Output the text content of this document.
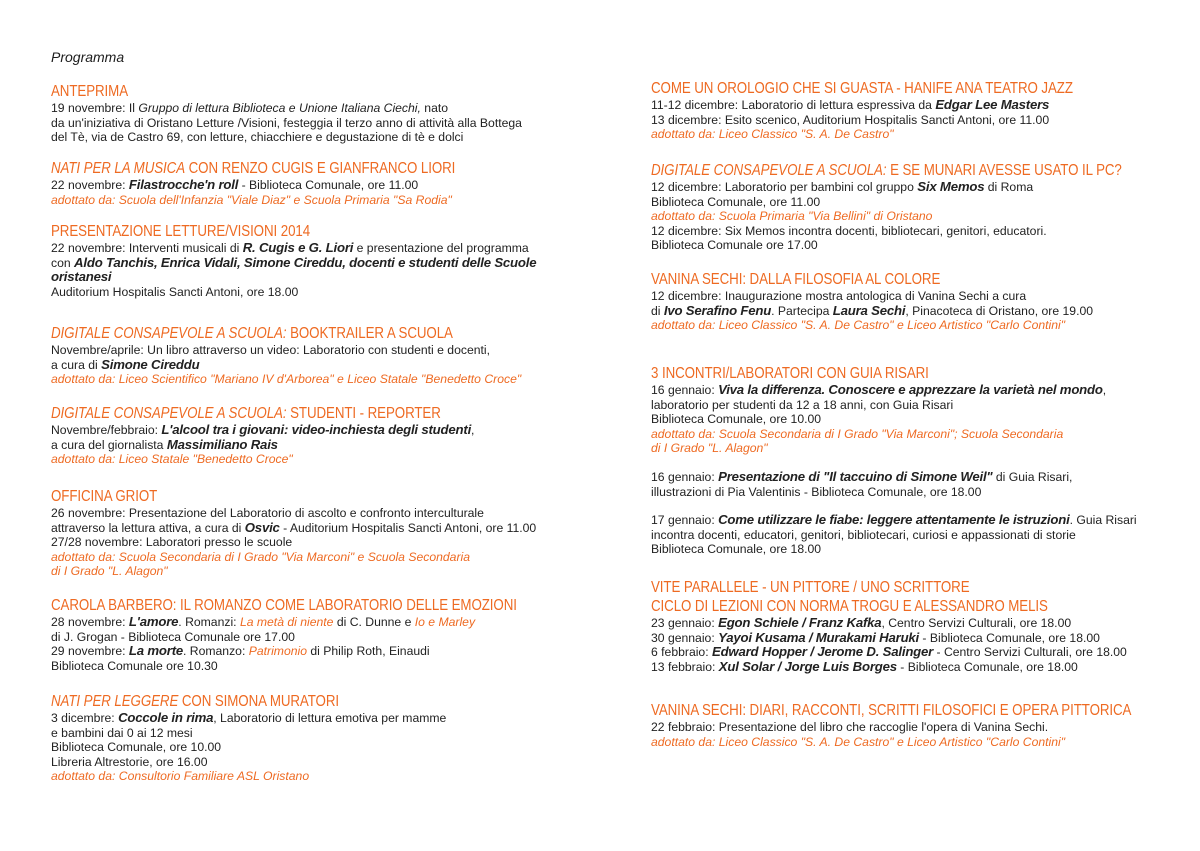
Programma
ANTEPRIMA
19 novembre: Il Gruppo di lettura Biblioteca e Unione Italiana Ciechi, nato
da un'iniziativa di Oristano Letture /Visioni, festeggia il terzo anno di attività alla Bottega
del Tè, via de Castro 69, con letture, chiacchiere e degustazione di tè e dolci
NATI PER LA MUSICA CON RENZO CUGIS E GIANFRANCO LIORI
22 novembre: Filastrocche'n roll - Biblioteca Comunale, ore 11.00
adottato da: Scuola dell'Infanzia "Viale Diaz" e Scuola Primaria "Sa Rodia"
PRESENTAZIONE LETTURE/VISIONI 2014
22 novembre: Interventi musicali di R. Cugis e G. Liori e presentazione del programma
con Aldo Tanchis, Enrica Vidali, Simone Cireddu, docenti e studenti delle Scuole
oristanesi
Auditorium Hospitalis Sancti Antoni, ore 18.00
DIGITALE CONSAPEVOLE A SCUOLA: BOOKTRAILER A SCUOLA
Novembre/aprile: Un libro attraverso un video: Laboratorio con studenti e docenti,
a cura di Simone Cireddu
adottato da: Liceo Scientifico "Mariano IV d'Arborea" e Liceo Statale "Benedetto Croce"
DIGITALE CONSAPEVOLE A SCUOLA: STUDENTI - REPORTER
Novembre/febbraio: L'alcool tra i giovani: video-inchiesta degli studenti,
a cura del giornalista Massimiliano Rais
adottato da: Liceo Statale "Benedetto Croce"
OFFICINA GRIOT
26 novembre: Presentazione del Laboratorio di ascolto e confronto interculturale
attraverso la lettura attiva, a cura di Osvic - Auditorium Hospitalis Sancti Antoni, ore 11.00
27/28 novembre: Laboratori presso le scuole
adottato da: Scuola Secondaria di I Grado "Via Marconi" e Scuola Secondaria
di I Grado "L. Alagon"
CAROLA BARBERO: IL ROMANZO COME LABORATORIO DELLE EMOZIONI
28 novembre: L'amore. Romanzi: La metà di niente di C. Dunne e Io e Marley
di J. Grogan - Biblioteca Comunale ore 17.00
29 novembre: La morte. Romanzo: Patrimonio di Philip Roth, Einaudi
Biblioteca Comunale ore 10.30
NATI PER LEGGERE CON SIMONA MURATORI
3 dicembre: Coccole in rima, Laboratorio di lettura emotiva per mamme
e bambini dai 0 ai 12 mesi
Biblioteca Comunale, ore 10.00
Libreria Altrestorie, ore 16.00
adottato da: Consultorio Familiare ASL Oristano
COME UN OROLOGIO CHE SI GUASTA - HANIFE ANA TEATRO JAZZ
11-12 dicembre: Laboratorio di lettura espressiva da Edgar Lee Masters
13 dicembre: Esito scenico, Auditorium Hospitalis Sancti Antoni, ore 11.00
adottato da: Liceo Classico "S. A. De Castro"
DIGITALE CONSAPEVOLE A SCUOLA: E SE MUNARI AVESSE USATO IL PC?
12 dicembre: Laboratorio per bambini col gruppo Six Memos di Roma
Biblioteca Comunale, ore 11.00
adottato da: Scuola Primaria "Via Bellini" di Oristano
12 dicembre: Six Memos incontra docenti, bibliotecari, genitori, educatori.
Biblioteca Comunale ore 17.00
VANINA SECHI: DALLA FILOSOFIA AL COLORE
12 dicembre: Inaugurazione mostra antologica di Vanina Sechi a cura
di Ivo Serafino Fenu. Partecipa Laura Sechi, Pinacoteca di Oristano, ore 19.00
adottato da: Liceo Classico "S. A. De Castro" e Liceo Artistico "Carlo Contini"
3 INCONTRI/LABORATORI CON GUIA RISARI
16 gennaio: Viva la differenza. Conoscere e apprezzare la varietà nel mondo,
laboratorio per studenti da 12 a 18 anni, con Guia Risari
Biblioteca Comunale, ore 10.00
adottato da: Scuola Secondaria di I Grado "Via Marconi"; Scuola Secondaria
di I Grado "L. Alagon"
16 gennaio: Presentazione di "Il taccuino di Simone Weil" di Guia Risari,
illustrazioni di Pia Valentinis - Biblioteca Comunale, ore 18.00
17 gennaio: Come utilizzare le fiabe: leggere attentamente le istruzioni. Guia Risari
incontra docenti, educatori, genitori, bibliotecari, curiosi e appassionati di storie
Biblioteca Comunale, ore 18.00
VITE PARALLELE - UN PITTORE / UNO SCRITTORE
CICLO DI LEZIONI CON NORMA TROGU E ALESSANDRO MELIS
23 gennaio: Egon Schiele / Franz Kafka, Centro Servizi Culturali, ore 18.00
30 gennaio: Yayoi Kusama / Murakami Haruki - Biblioteca Comunale, ore 18.00
6 febbraio: Edward Hopper / Jerome D. Salinger - Centro Servizi Culturali, ore 18.00
13 febbraio: Xul Solar / Jorge Luis Borges - Biblioteca Comunale, ore 18.00
VANINA SECHI: DIARI, RACCONTI, SCRITTI FILOSOFICI E OPERA PITTORICA
22 febbraio: Presentazione del libro che raccoglie l'opera di Vanina Sechi.
adottato da: Liceo Classico "S. A. De Castro" e Liceo Artistico "Carlo Contini"
